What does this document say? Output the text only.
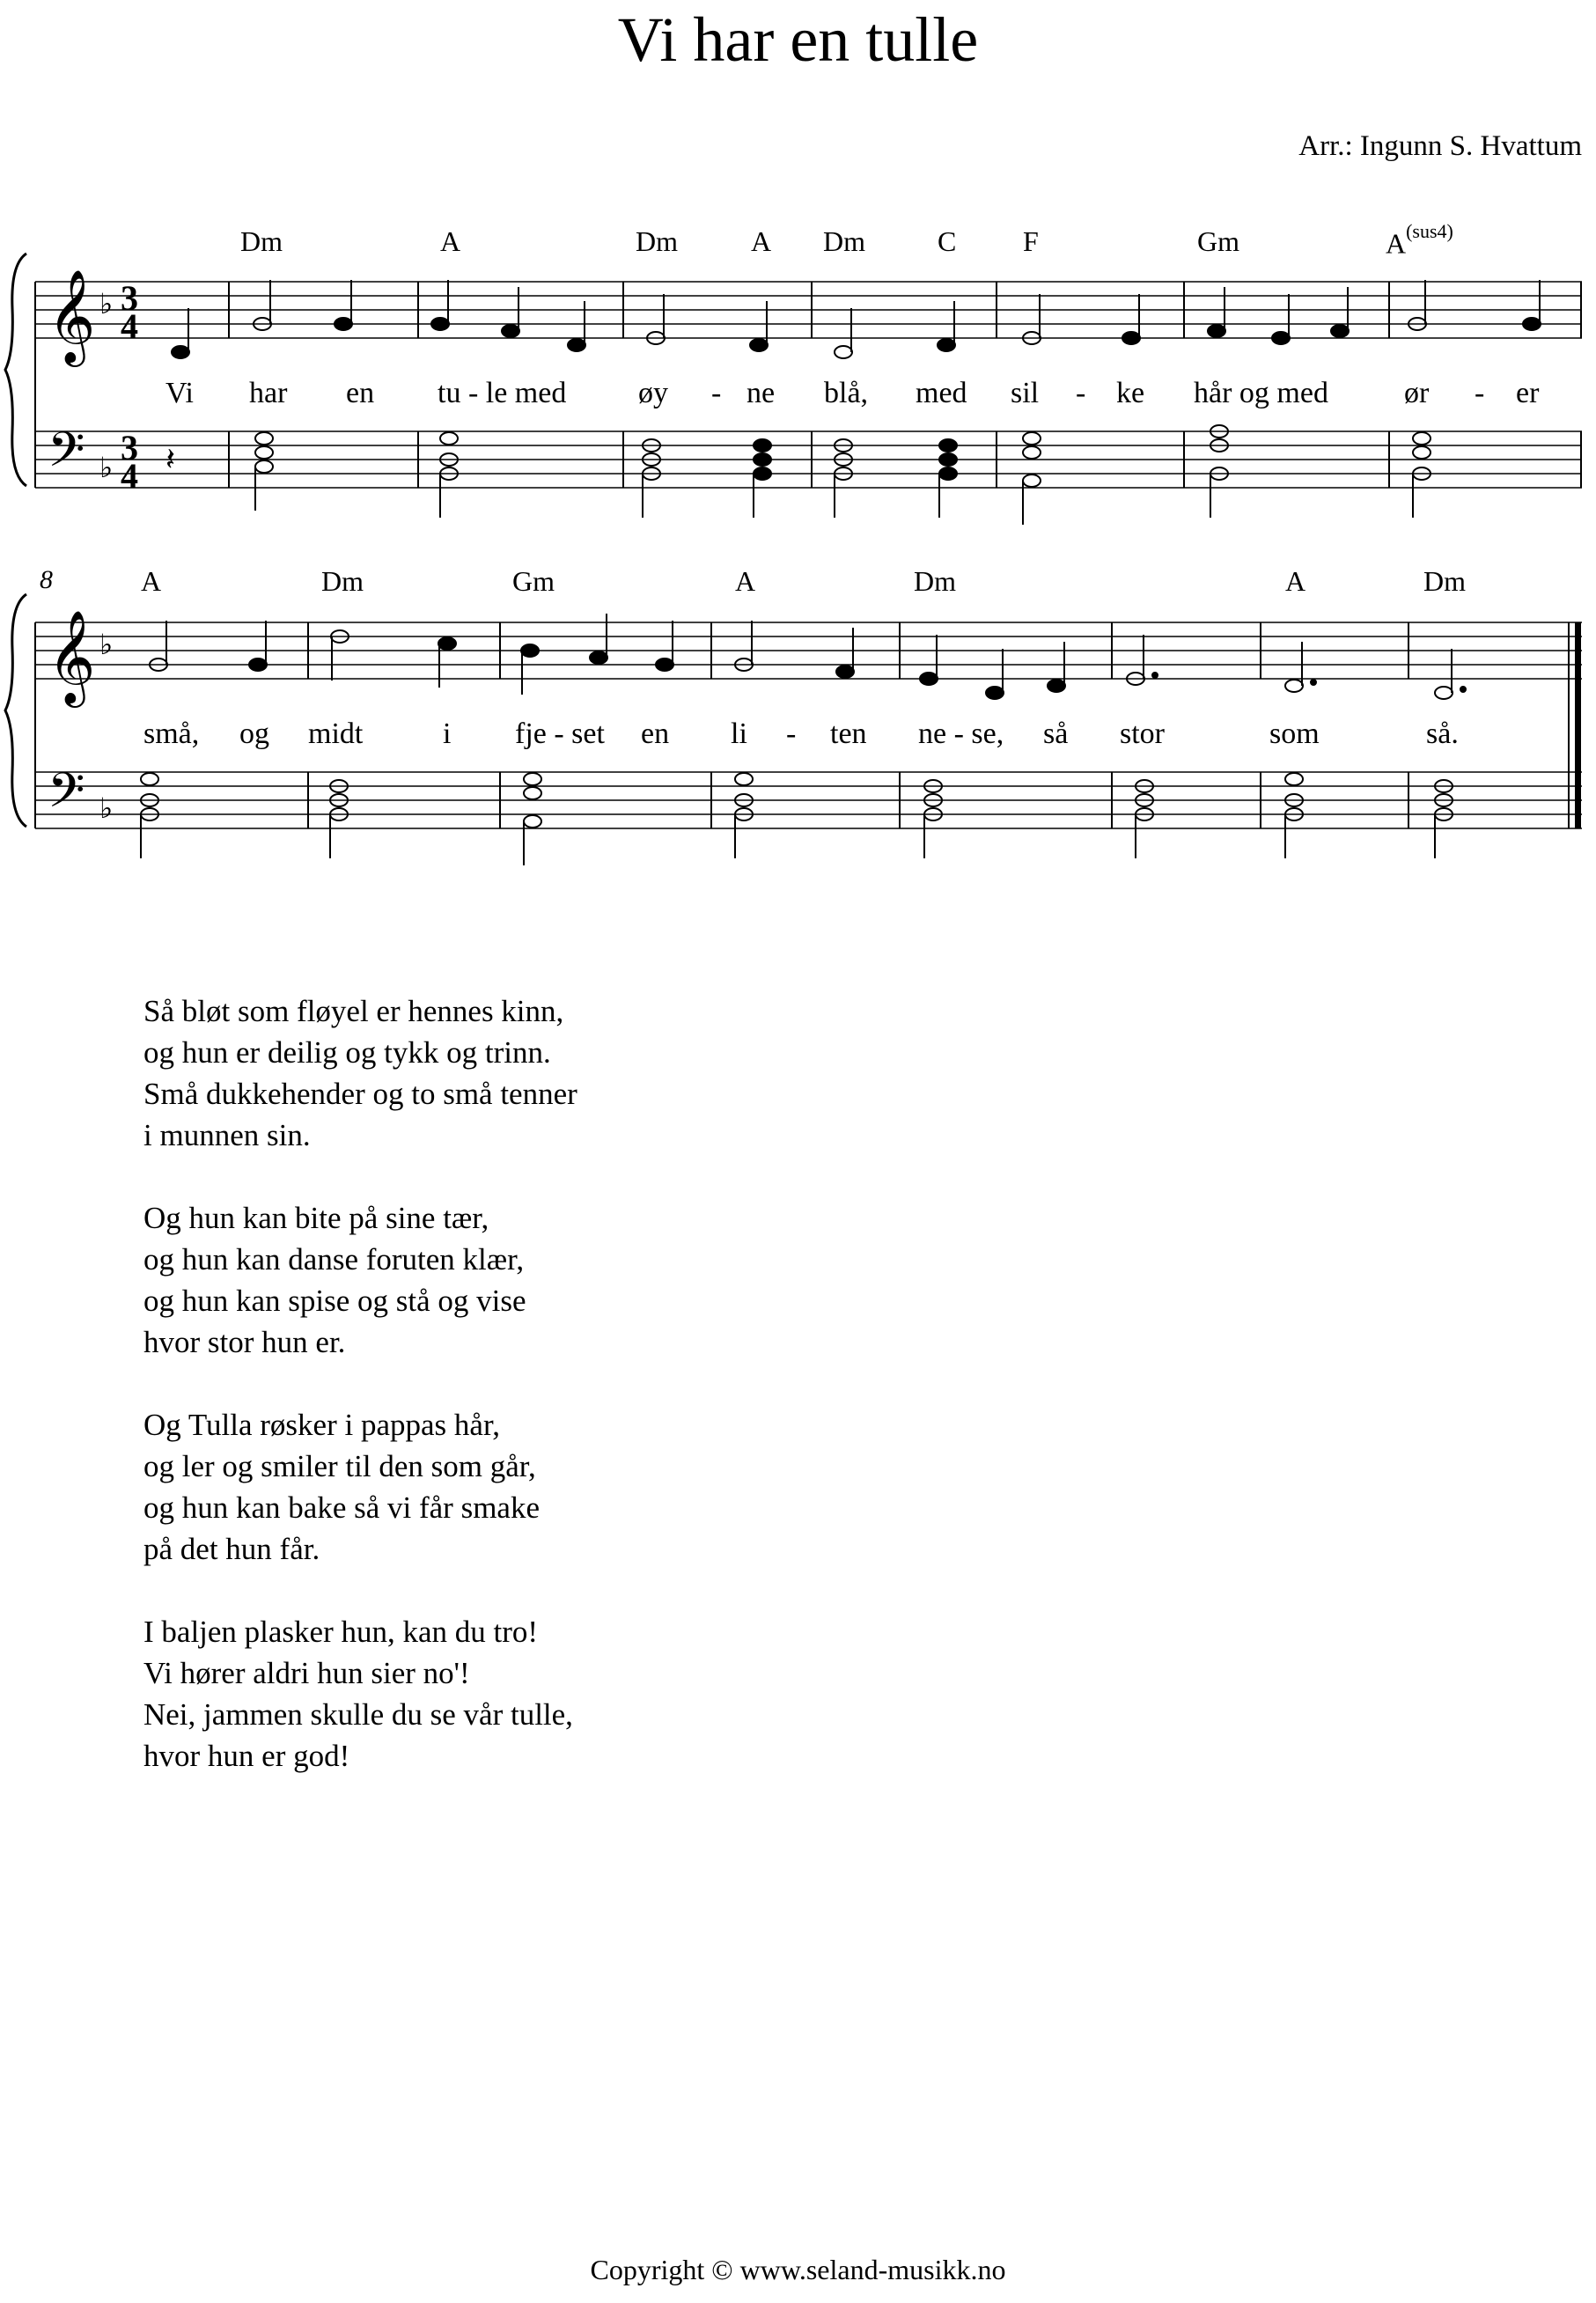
Vi har en tulle
Arr.: Ingunn S. Hvattum
Dm	A	Dm	A Dm	C F	Gm	$A^{(sus4)}$
𝄞
𝄢
♭
♭
3
4
3
4 𝄽
Vi har en tu - le med øy - ne blå, med sil - ke hår og med	ør - er
8	A	Dm	Gm	A	Dm	A	Dm
𝄞
𝄢
♭
♭
små, og midt	i fje - set en li - ten ne - se, så stor	som	så.
Så bløt som fløyel er hennes kinn,
og hun er deilig og tykk og trinn.
Små dukkehender og to små tenner
i munnen sin.
Og hun kan bite på sine tær,
og hun kan danse foruten klær,
og hun kan spise og stå og vise
hvor stor hun er.
Og Tulla røsker i pappas hår,
og ler og smiler til den som går,
og hun kan bake så vi får smake
på det hun får.
I baljen plasker hun, kan du tro!
Vi hører aldri hun sier no'!
Nei, jammen skulle du se vår tulle,
hvor hun er god!
Copyright © www.seland-musikk.no
